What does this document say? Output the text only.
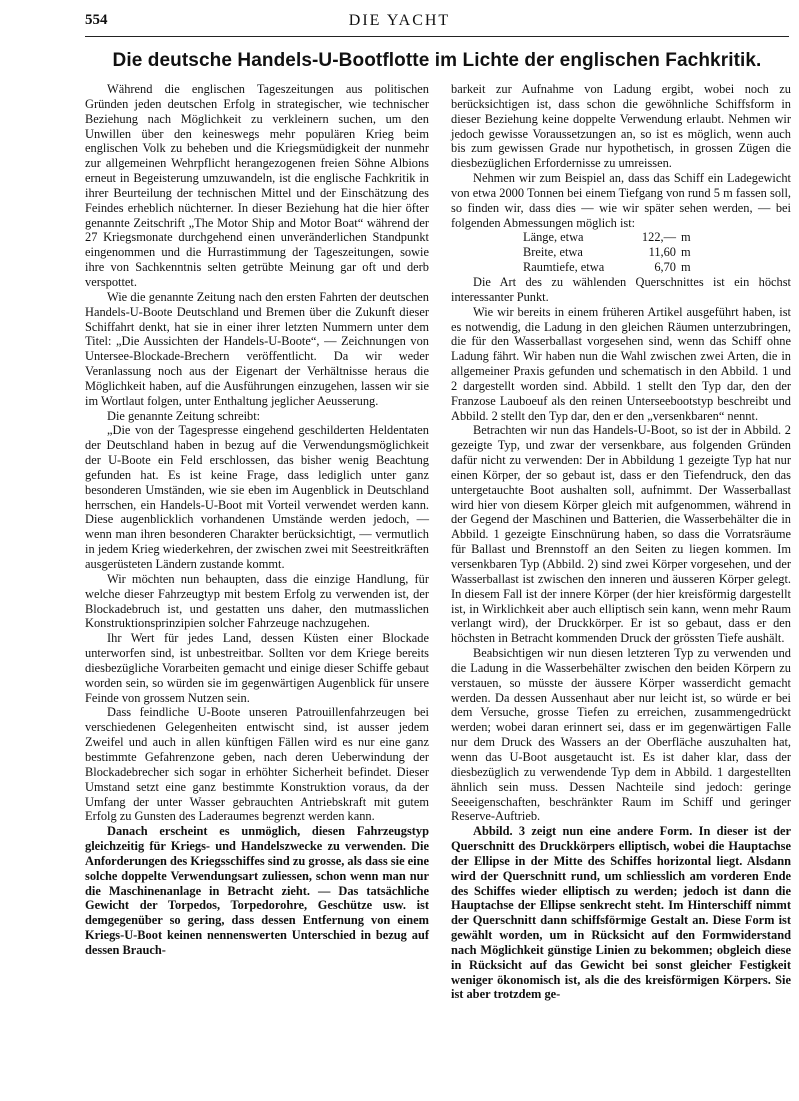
554	DIE YACHT
Die deutsche Handels-U-Bootflotte im Lichte der englischen Fachkritik.

Während die englischen Tageszeitungen aus politischen Gründen jeden deutschen Erfolg in strategischer, wie technischer Beziehung nach Möglichkeit zu verkleinern suchen, um den Unwillen über den keineswegs mehr populären Krieg beim englischen Volk zu beheben und die Kriegsmüdigkeit der nunmehr zur allgemeinen Wehrpflicht herangezogenen freien Söhne Albions erneut in Begeisterung umzuwandeln, ist die englische Fachkritik in ihrer Beurteilung der technischen Mittel und der Einschätzung des Feindes erheblich nüchterner. In dieser Beziehung hat die hier öfter genannte Zeitschrift „The Motor Ship and Motor Boat“ während der 27 Kriegsmonate durchgehend einen unveränderlichen Standpunkt eingenommen und die Hurrastimmung der Tageszeitungen, sowie ihre von Sachkenntnis selten getrübte Meinung gar oft und derb verspottet.

Wie die genannte Zeitung nach den ersten Fahrten der deutschen Handels-U-Boote Deutschland und Bremen über die Zukunft dieser Schiffahrt denkt, hat sie in einer ihrer letzten Nummern unter dem Titel: „Die Aussichten der Handels-U-Boote“, — Zeichnungen von Untersee-Blockade-Brechern veröffentlicht. Da wir weder Veranlassung noch aus der Eigenart der Verhältnisse heraus die Möglichkeit haben, auf die Ausführungen einzugehen, lassen wir sie im Wortlaut folgen, unter Enthaltung jeglicher Aeusserung.

Die genannte Zeitung schreibt:

„Die von der Tagespresse eingehend geschilderten Heldentaten der Deutschland haben in bezug auf die Verwendungsmöglichkeit der U-Boote ein Feld erschlossen, das bisher wenig Beachtung gefunden hat. Es ist keine Frage, dass lediglich unter ganz besonderen Umständen, wie sie eben im Augenblick in Deutschland herrschen, ein Handels-U-Boot mit Vorteil verwendet werden kann. Diese augenblicklich vorhandenen Umstände werden jedoch, — wenn man ihren besonderen Charakter berücksichtigt, — vermutlich in jedem Krieg wiederkehren, der zwischen zwei mit Seestreitkräften ausgerüsteten Ländern zustande kommt.

Wir möchten nun behaupten, dass die einzige Handlung, für welche dieser Fahrzeugtyp mit bestem Erfolg zu verwenden ist, der Blockadebruch ist, und gestatten uns daher, den mutmasslichen Konstruktionsprinzipien solcher Fahrzeuge nachzugehen.

Ihr Wert für jedes Land, dessen Küsten einer Blockade unterworfen sind, ist unbestreitbar. Sollten vor dem Kriege bereits diesbezügliche Vorarbeiten gemacht und einige dieser Schiffe gebaut worden sein, so würden sie im gegenwärtigen Augenblick für unsere Feinde von grossem Nutzen sein.

Dass feindliche U-Boote unseren Patrouillenfahrzeugen bei verschiedenen Gelegenheiten entwischt sind, ist ausser jedem Zweifel und auch in allen künftigen Fällen wird es nur eine ganz bestimmte Gefahrenzone geben, nach deren Ueberwindung der Blockadebrecher sich sogar in erhöhter Sicherheit befindet. Dieser Umstand setzt eine ganz bestimmte Konstruktion voraus, da der Umfang der unter Wasser gebrauchten Antriebskraft mit gutem Erfolg zu Gunsten des Laderaumes begrenzt werden kann.

Danach erscheint es unmöglich, diesen Fahrzeugstyp gleichzeitig für Kriegs- und Handelszwecke zu verwenden. Die Anforderungen des Kriegsschiffes sind zu grosse, als dass sie eine solche doppelte Verwendungsart zuliessen, schon wenn man nur die Maschinenanlage in Betracht zieht. — Das tatsächliche Gewicht der Torpedos, Torpedorohre, Geschütze usw. ist demgegenüber so gering, dass dessen Entfernung von einem Kriegs-U-Boot keinen nennenswerten Unterschied in bezug auf dessen Brauch-

barkeit zur Aufnahme von Ladung ergibt, wobei noch zu berücksichtigen ist, dass schon die gewöhnliche Schiffsform in dieser Beziehung keine doppelte Verwendung erlaubt. Nehmen wir jedoch gewisse Voraussetzungen an, so ist es möglich, wenn auch bis zum gewissen Grade nur hypothetisch, in grossen Zügen die diesbezüglichen Erfordernisse zu umreissen.

Nehmen wir zum Beispiel an, dass das Schiff ein Ladegewicht von etwa 2000 Tonnen bei einem Tiefgang von rund 5 m fassen soll, so finden wir, dass dies — wie wir später sehen werden, — bei folgenden Abmessungen möglich ist:

Länge, etwa	122,—	m
Breite, etwa	11,60	m
Raumtiefe, etwa	6,70	m

Die Art des zu wählenden Querschnittes ist ein höchst interessanter Punkt.

Wie wir bereits in einem früheren Artikel ausgeführt haben, ist es notwendig, die Ladung in den gleichen Räumen unterzubringen, die für den Wasserballast vorgesehen sind, wenn das Schiff ohne Ladung fährt. Wir haben nun die Wahl zwischen zwei Arten, die in allgemeiner Praxis gefunden und schematisch in den Abbild. 1 und 2 dargestellt worden sind. Abbild. 1 stellt den Typ dar, den der Franzose Lauboeuf als den reinen Unterseebootstyp beschreibt und Abbild. 2 stellt den Typ dar, den er den „versenkbaren“ nennt.

Betrachten wir nun das Handels-U-Boot, so ist der in Abbild. 2 gezeigte Typ, und zwar der versenkbare, aus folgenden Gründen dafür nicht zu verwenden: Der in Abbildung 1 gezeigte Typ hat nur einen Körper, der so gebaut ist, dass er den Tiefendruck, den das untergetauchte Boot aushalten soll, aufnimmt. Der Wasserballast wird hier von diesem Körper gleich mit aufgenommen, während in der Gegend der Maschinen und Batterien, die Wasserbehälter die in Abbild. 1 gezeigte Einschnürung haben, so dass die Vorratsräume für Ballast und Brennstoff an den Seiten zu liegen kommen. Im versenkbaren Typ (Abbild. 2) sind zwei Körper vorgesehen, und der Wasserballast ist zwischen den inneren und äusseren Körper gelegt. In diesem Fall ist der innere Körper (der hier kreisförmig dargestellt ist, in Wirklichkeit aber auch elliptisch sein kann, wenn mehr Raum verlangt wird), der Druckkörper. Er ist so gebaut, dass er den höchsten in Betracht kommenden Druck der grössten Tiefe aushält.

Beabsichtigen wir nun diesen letzteren Typ zu verwenden und die Ladung in die Wasserbehälter zwischen den beiden Körpern zu verstauen, so müsste der äussere Körper wasserdicht gemacht werden. Da dessen Aussenhaut aber nur leicht ist, so würde er bei dem Versuche, grosse Tiefen zu erreichen, zusammengedrückt werden; wobei daran erinnert sei, dass er im gegenwärtigen Falle nur dem Druck des Wassers an der Oberfläche auszuhalten hat, wenn das U-Boot ausgetaucht ist. Es ist daher klar, dass der diesbezüglich zu verwendende Typ dem in Abbild. 1 dargestellten ähnlich sein muss. Dessen Nachteile sind jedoch: geringe Seeeigenschaften, beschränkter Raum im Schiff und geringer Reserve-Auftrieb.

Abbild. 3 zeigt nun eine andere Form. In dieser ist der Querschnitt des Druckkörpers elliptisch, wobei die Hauptachse der Ellipse in der Mitte des Schiffes horizontal liegt. Alsdann wird der Querschnitt rund, um schliesslich am vorderen Ende des Schiffes wieder elliptisch zu werden; jedoch ist dann die Hauptachse der Ellipse senkrecht steht. Im Hinterschiff nimmt der Querschnitt dann schiffsförmige Gestalt an. Diese Form ist gewählt worden, um in Rücksicht auf den Formwiderstand nach Möglichkeit günstige Linien zu bekommen; obgleich diese in Rücksicht auf das Gewicht bei sonst gleicher Festigkeit weniger ökonomisch ist, als die des kreisförmigen Körpers. Sie ist aber trotzdem ge-
